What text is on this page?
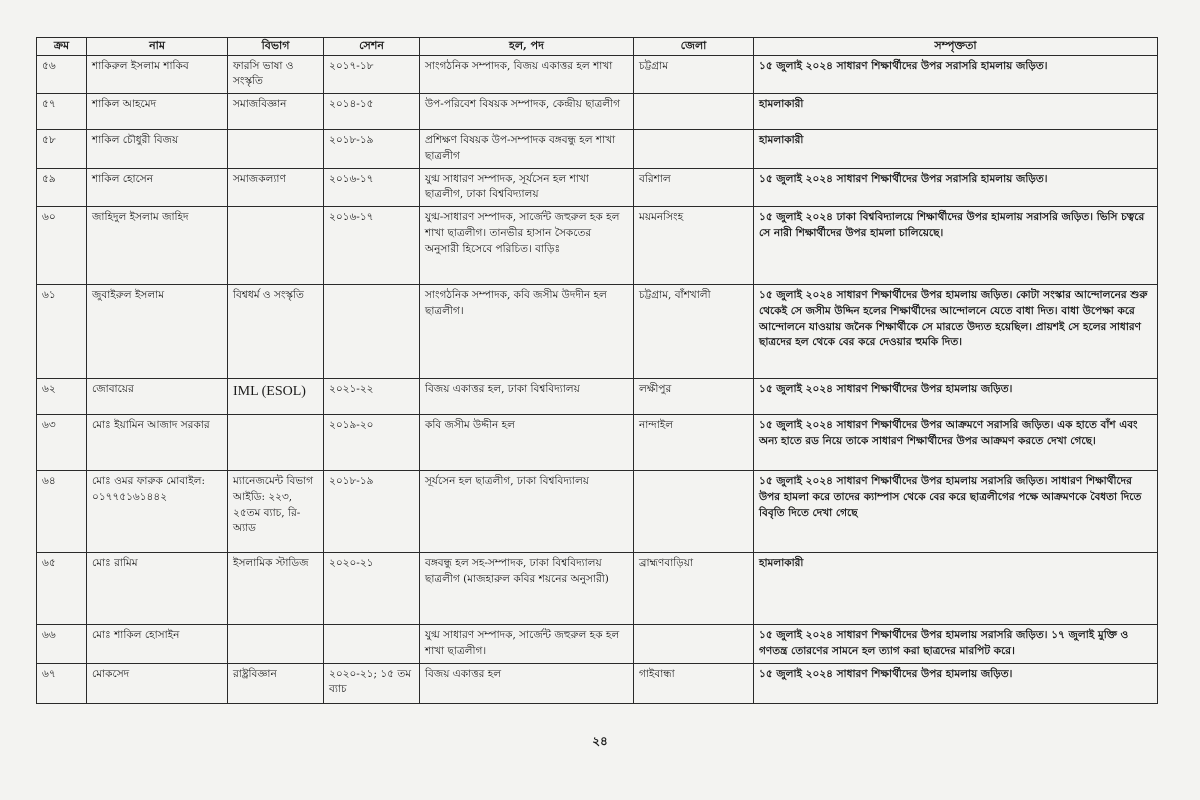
ক্রম	নাম	বিভাগ	সেশন	হল, পদ	জেলা	সম্পৃক্ততা
৫৬	শাকিরুল ইসলাম শাকিব	ফারসি ভাষা ও সংস্কৃতি	২০১৭-১৮	সাংগঠনিক সম্পাদক, বিজয় একাত্তর হল শাখা	চট্টগ্রাম	১৫ জুলাই ২০২৪ সাধারণ শিক্ষার্থীদের উপর সরাসরি হামলায় জড়িত।
৫৭	শাকিল আহমেদ	সমাজবিজ্ঞান	২০১৪-১৫	উপ-পরিবেশ বিষয়ক সম্পাদক, কেন্দ্রীয় ছাত্রলীগ		হামলাকারী
৫৮	শাকিল চৌধুরী বিজয়		২০১৮-১৯	প্রশিক্ষণ বিষয়ক উপ-সম্পাদক বঙ্গবন্ধু হল শাখা ছাত্রলীগ		হামলাকারী
৫৯	শাকিল হোসেন	সমাজকল্যাণ	২০১৬-১৭	যুগ্ম সাধারণ সম্পাদক, সূর্যসেন হল শাখা ছাত্রলীগ, ঢাকা বিশ্ববিদ্যালয়	বরিশাল	১৫ জুলাই ২০২৪ সাধারণ শিক্ষার্থীদের উপর সরাসরি হামলায় জড়িত।
৬০	জাহিদুল ইসলাম জাহিদ		২০১৬-১৭	যুগ্ম-সাধারণ সম্পাদক, সার্জেন্ট জহুরুল হক হল শাখা ছাত্রলীগ। তানভীর হাসান সৈকতের অনুসারী হিসেবে পরিচিত। বাড়িঃ	ময়মনসিংহ	১৫ জুলাই ২০২৪ ঢাকা বিশ্ববিদ্যালয়ে শিক্ষার্থীদের উপর হামলায় সরাসরি জড়িত। ভিসি চত্বরে সে নারী শিক্ষার্থীদের উপর হামলা চালিয়েছে।
৬১	জুবাইরুল ইসলাম	বিশ্বধর্ম ও সংস্কৃতি		সাংগঠনিক সম্পাদক, কবি জসীম উদদীন হল ছাত্রলীগ।	চট্টগ্রাম, বাঁশখালী	১৫ জুলাই ২০২৪ সাধারণ শিক্ষার্থীদের উপর হামলায় জড়িত। কোটা সংস্কার আন্দোলনের শুরু থেকেই সে জসীম উদ্দিন হলের শিক্ষার্থীদের আন্দোলনে যেতে বাধা দিত। বাধা উপেক্ষা করে আন্দোলনে যাওয়ায় জনৈক শিক্ষার্থীকে সে মারতে উদ্যত হয়েছিল। প্রায়শই সে হলের সাধারণ ছাত্রদের হল থেকে বের করে দেওয়ার হুমকি দিত।
৬২	জোবায়ের	IML (ESOL)	২০২১-২২	বিজয় একাত্তর হল, ঢাকা বিশ্ববিদ্যালয়	লক্ষীপুর	১৫ জুলাই ২০২৪ সাধারণ শিক্ষার্থীদের উপর হামলায় জড়িত।
৬৩	মোঃ ইয়ামিন আজাদ সরকার		২০১৯-২০	কবি জসীম উদ্দীন হল	নান্দাইল	১৫ জুলাই ২০২৪ সাধারণ শিক্ষার্থীদের উপর আক্রমণে সরাসরি জড়িত। এক হাতে বাঁশ এবং অন্য হাতে রড নিয়ে তাকে সাধারণ শিক্ষার্থীদের উপর আক্রমণ করতে দেখা গেছে।
৬৪	মোঃ ওমর ফারুক মোবাইল: ০১৭৭৫১৬১৪৪২	ম্যানেজমেন্ট বিভাগ আইডি: ২২৩, ২৫তম ব্যাচ, রি-অ্যাড	২০১৮-১৯	সূর্যসেন হল ছাত্রলীগ, ঢাকা বিশ্ববিদ্যালয়		১৫ জুলাই ২০২৪ সাধারণ শিক্ষার্থীদের উপর হামলায় সরাসরি জড়িত। সাধারণ শিক্ষার্থীদের উপর হামলা করে তাদের ক্যাম্পাস থেকে বের করে ছাত্রলীগের পক্ষে আক্রমণকে বৈধতা দিতে বিবৃতি দিতে দেখা গেছে
৬৫	মোঃ রামিম	ইসলামিক স্টাডিজ	২০২০-২১	বঙ্গবন্ধু হল সহ-সম্পাদক, ঢাকা বিশ্ববিদ্যালয় ছাত্রলীগ (মাজহারুল কবির শয়নের অনুসারী)	ব্রাহ্মণবাড়িয়া	হামলাকারী
৬৬	মোঃ শাকিল হোসাইন			যুগ্ম সাধারণ সম্পাদক, সার্জেন্ট জহুরুল হক হল শাখা ছাত্রলীগ।		১৫ জুলাই ২০২৪ সাধারণ শিক্ষার্থীদের উপর হামলায় সরাসরি জড়িত। ১৭ জুলাই মুক্তি ও গণতন্ত্র তোরণের সামনে হল ত্যাগ করা ছাত্রদের মারপিট করে।
৬৭	মোকসেদ	রাষ্ট্রবিজ্ঞান	২০২০-২১; ১৫ তম ব্যাচ	বিজয় একাত্তর হল	গাইবান্ধা	১৫ জুলাই ২০২৪ সাধারণ শিক্ষার্থীদের উপর হামলায় জড়িত।
২৪
